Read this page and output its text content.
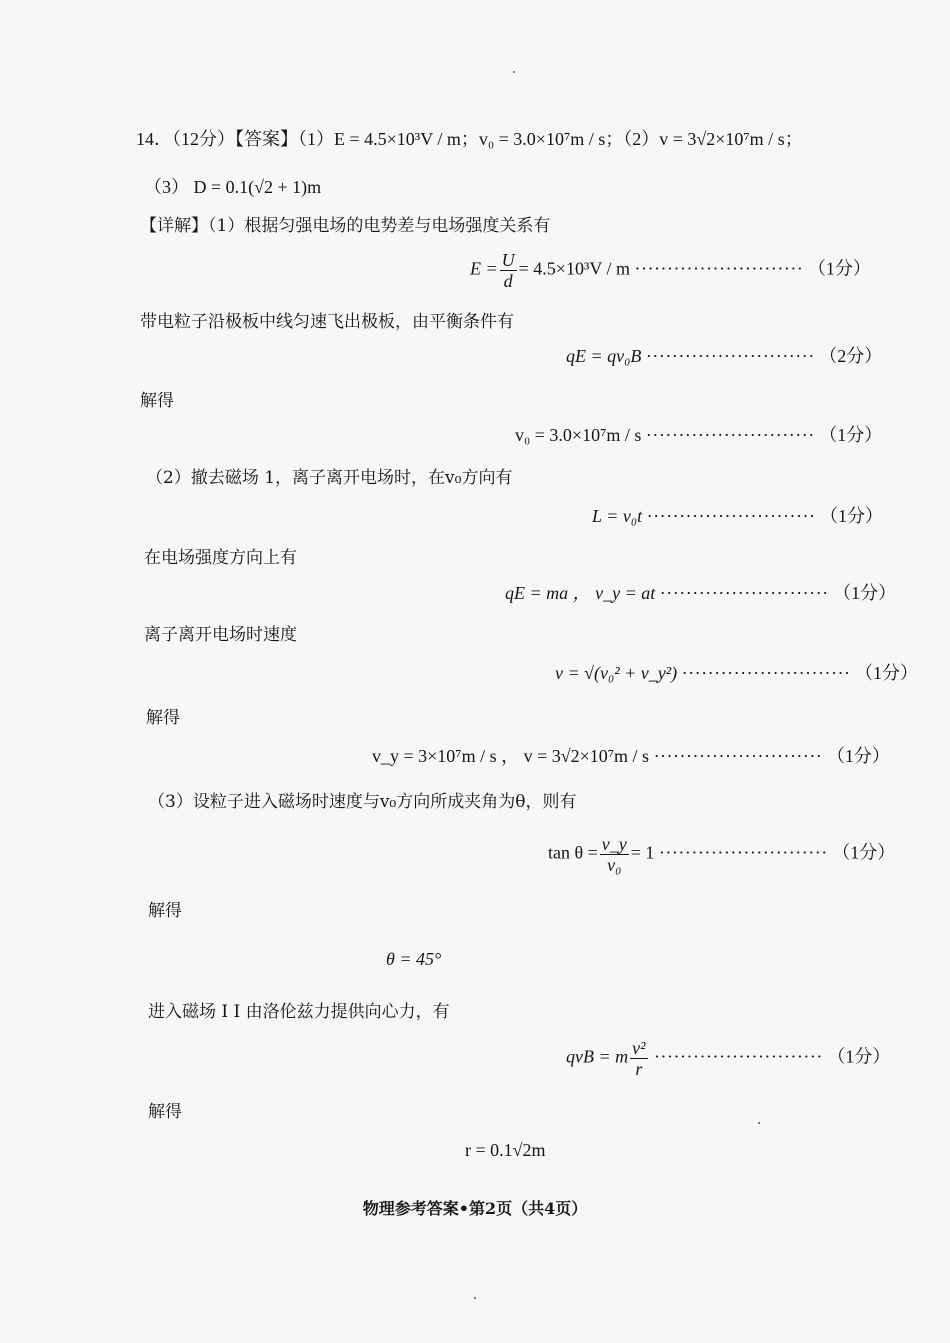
14．（12分）【答案】（1）E = 4.5×10³V / m；v₀ = 3.0×10⁷m / s；（2）v = 3√2×10⁷m / s；
（3） D = 0.1(√2 + 1)m
【详解】（1）根据匀强电场的电势差与电场强度关系有
$E = \frac{U}{d} = 4.5\times 10^3V / m$ ·························· （1分）
带电粒子沿极板中线匀速飞出极板，由平衡条件有
qE = qv₀B ·························· （2分）
解得
v₀ = 3.0×10⁷m / s ·························· （1分）
（2）撤去磁场 1，离子离开电场时，在v₀方向有
L = v₀t ·························· （1分）
在电场强度方向上有
qE = ma ， v_y = at ·························· （1分）
离子离开电场时速度
v = √(v₀² + v_y²) ·························· （1分）
解得
v_y = 3×10⁷m / s ， v = 3√2×10⁷m / s ·························· （1分）
（3）设粒子进入磁场时速度与v₀方向所成夹角为θ，则有
$\tan \theta = \frac{v\_y}{\text{v₀}} = 1$ ·························· （1分）
解得
θ = 45°
进入磁场 I I 由洛伦兹力提供向心力，有
qvB = m $\frac{\text{v²}}{r}$ ·························· （1分）
解得
r = 0.1√2m
物理参考答案•第2页（共4页）
